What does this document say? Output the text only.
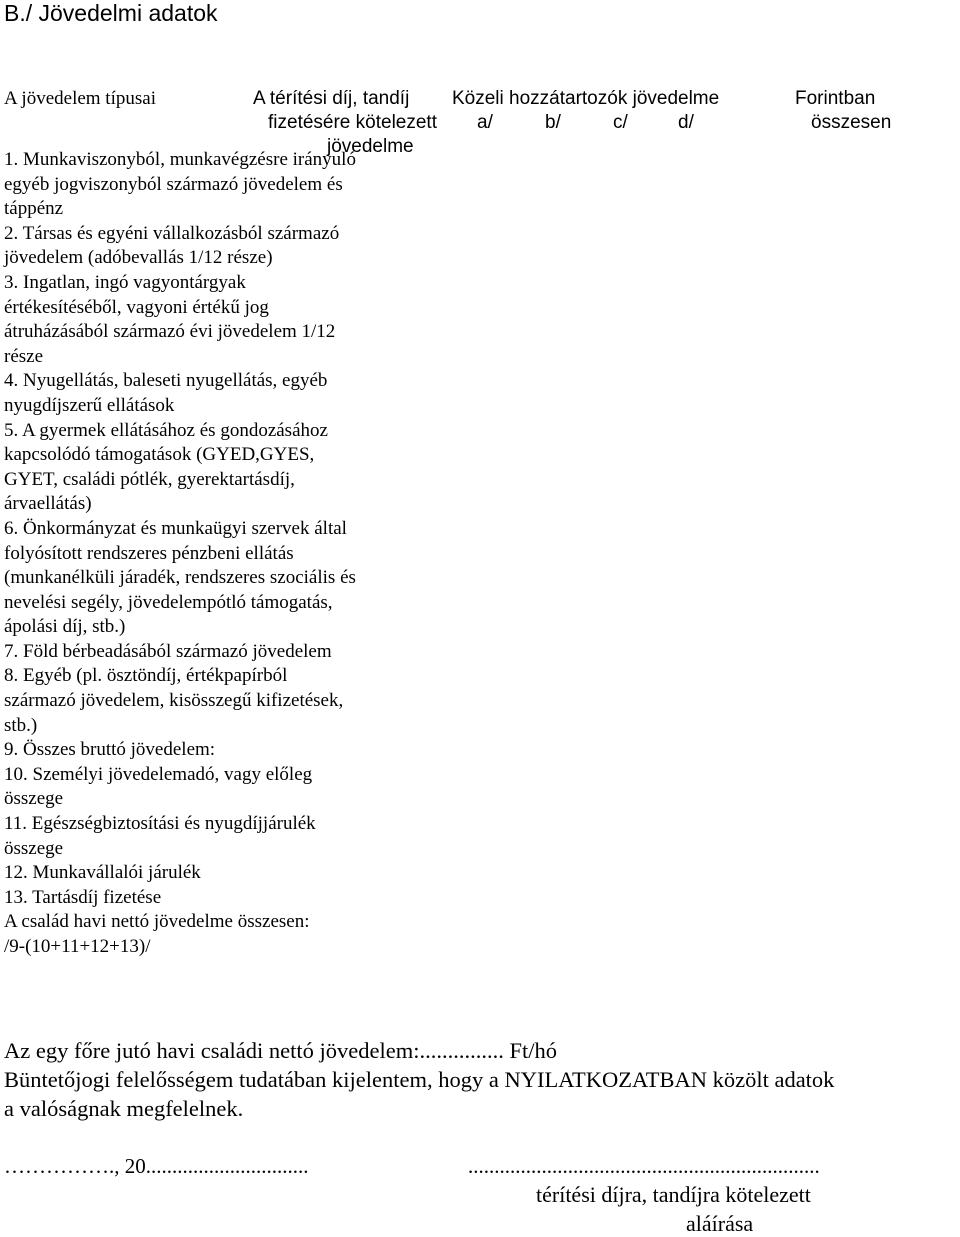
B./ Jövedelmi adatok
A jövedelem típusai	A térítési díj, tandíj
fizetésére kötelezett
jövedelme
Közeli hozzátartozók jövedelme
a/	b/	c/	d/
Forintban
összesen
1. Munkaviszonyból, munkavégzésre irányuló
egyéb jogviszonyból származó jövedelem és
táppénz
2. Társas és egyéni vállalkozásból származó
jövedelem (adóbevallás 1/12 része)
3. Ingatlan, ingó vagyontárgyak
értékesítéséből, vagyoni értékű jog
átruházásából származó évi jövedelem 1/12
része
4. Nyugellátás, baleseti nyugellátás, egyéb
nyugdíjszerű ellátások
5. A gyermek ellátásához és gondozásához
kapcsolódó támogatások (GYED,GYES,
GYET, családi pótlék, gyerektartásdíj,
árvaellátás)
6. Önkormányzat és munkaügyi szervek által
folyósított rendszeres pénzbeni ellátás
(munkanélküli járadék, rendszeres szociális és
nevelési segély, jövedelempótló támogatás,
ápolási díj, stb.)
7. Föld bérbeadásából származó jövedelem
8. Egyéb (pl. ösztöndíj, értékpapírból
származó jövedelem, kisösszegű kifizetések,
stb.)
9. Összes bruttó jövedelem:
10. Személyi jövedelemadó, vagy előleg
összege
11. Egészségbiztosítási és nyugdíjjárulék
összege
12. Munkavállalói járulék
13. Tartásdíj fizetése
A család havi nettó jövedelme összesen:
/9-(10+11+12+13)/
Az egy főre jutó havi családi nettó jövedelem:............... Ft/hó
Büntetőjogi felelősségem tudatában kijelentem, hogy a NYILATKOZATBAN közölt adatok
a valóságnak megfelelnek.
……………., 20...............................	...................................................................
térítési díjra, tandíjra kötelezett
aláírása
